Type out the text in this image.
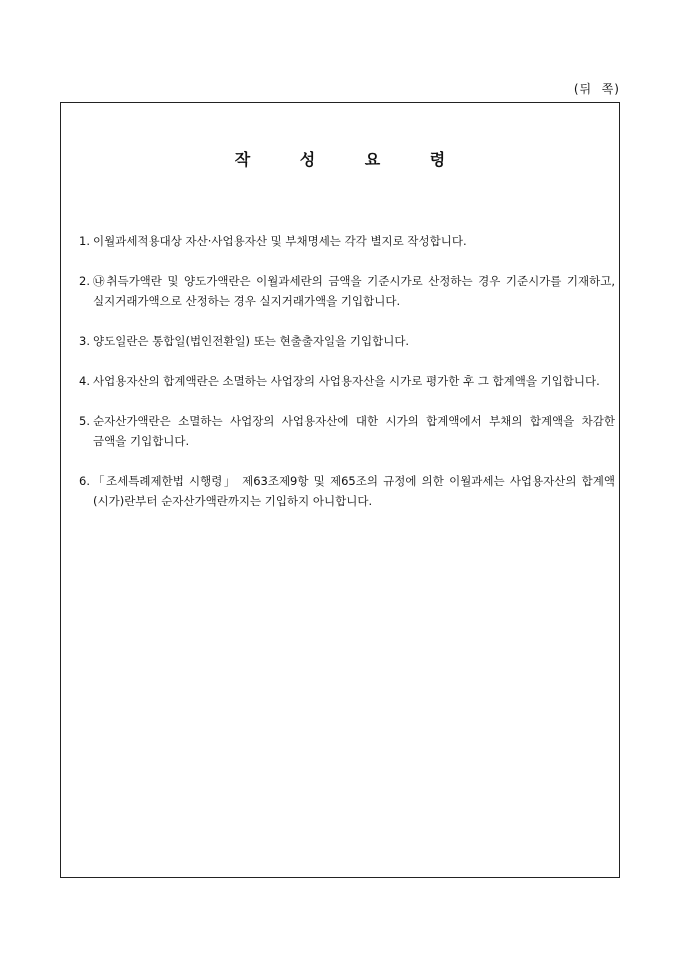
(뒤  쪽)
작 성 요 령
1. 이월과세적용대상 자산·사업용자산 및 부채명세는 각각 별지로 작성합니다.
2. ㉯취득가액란 및 양도가액란은 이월과세란의 금액을 기준시가로 산정하는 경우 기준시가를 기재하고, 실지거래가액으로 산정하는 경우 실지거래가액을 기입합니다.
3. 양도일란은 통합일(법인전환일) 또는 현출출자일을 기입합니다.
4. 사업용자산의 합계액란은 소멸하는 사업장의 사업용자산을 시가로 평가한 후 그 합계액을 기입합니다.
5. 순자산가액란은 소멸하는 사업장의 사업용자산에 대한 시가의 합계액에서 부채의 합계액을 차감한 금액을 기입합니다.
6. 「조세특례제한법 시행령」 제63조제9항 및 제65조의 규정에 의한 이월과세는 사업용자산의 합계액(시가)란부터 순자산가액란까지는 기입하지 아니합니다.
